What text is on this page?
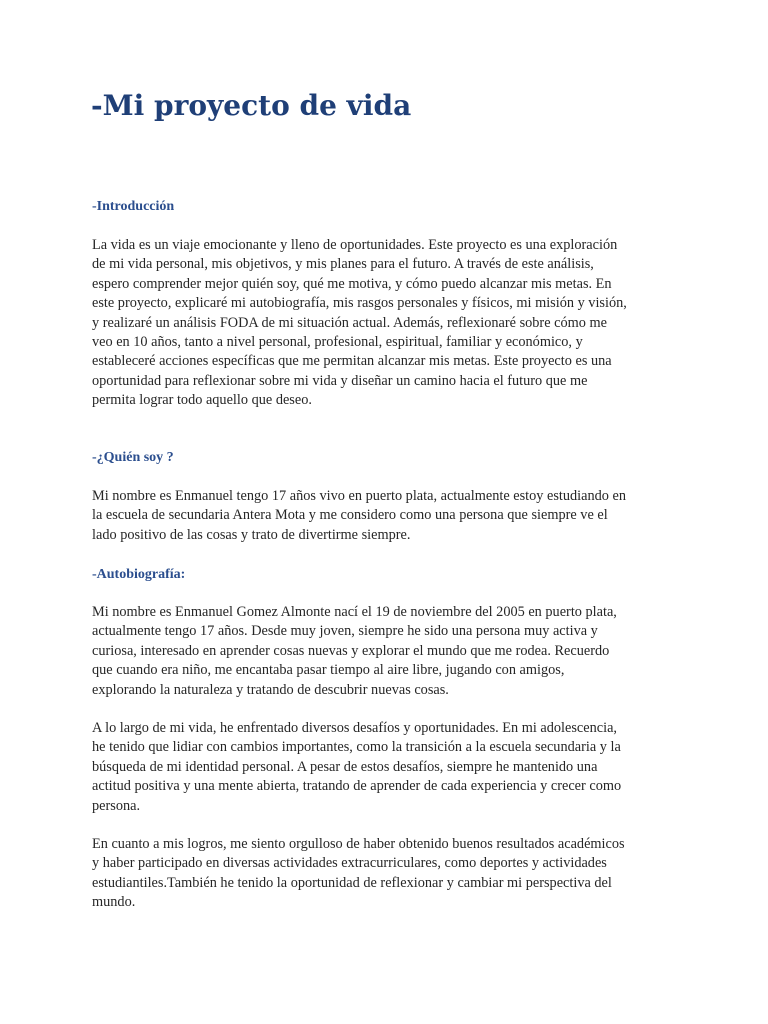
-Mi proyecto de vida
-Introducción

La vida es un viaje emocionante y lleno de oportunidades. Este proyecto es una exploración
de mi vida personal, mis objetivos, y mis planes para el futuro. A través de este análisis,
espero comprender mejor quién soy, qué me motiva, y cómo puedo alcanzar mis metas. En
este proyecto, explicaré mi autobiografía, mis rasgos personales y físicos, mi misión y visión,
y realizaré un análisis FODA de mi situación actual. Además, reflexionaré sobre cómo me
veo en 10 años, tanto a nivel personal, profesional, espiritual, familiar y económico, y
estableceré acciones específicas que me permitan alcanzar mis metas. Este proyecto es una
oportunidad para reflexionar sobre mi vida y diseñar un camino hacia el futuro que me
permita lograr todo aquello que deseo.

-¿Quién soy ?

Mi nombre es Enmanuel tengo 17 años vivo en puerto plata, actualmente estoy estudiando en
la escuela de secundaria Antera Mota y me considero como una persona que siempre ve el
lado positivo de las cosas y trato de divertirme siempre.

-Autobiografía:

Mi nombre es Enmanuel Gomez Almonte nací el 19 de noviembre del 2005 en puerto plata,
actualmente tengo 17 años. Desde muy joven, siempre he sido una persona muy activa y
curiosa, interesado en aprender cosas nuevas y explorar el mundo que me rodea. Recuerdo
que cuando era niño, me encantaba pasar tiempo al aire libre, jugando con amigos,
explorando la naturaleza y tratando de descubrir nuevas cosas.

A lo largo de mi vida, he enfrentado diversos desafíos y oportunidades. En mi adolescencia,
he tenido que lidiar con cambios importantes, como la transición a la escuela secundaria y la
búsqueda de mi identidad personal. A pesar de estos desafíos, siempre he mantenido una
actitud positiva y una mente abierta, tratando de aprender de cada experiencia y crecer como
persona.

En cuanto a mis logros, me siento orgulloso de haber obtenido buenos resultados académicos
y haber participado en diversas actividades extracurriculares, como deportes y actividades
estudiantiles.También he tenido la oportunidad de reflexionar y cambiar mi perspectiva del
mundo.
